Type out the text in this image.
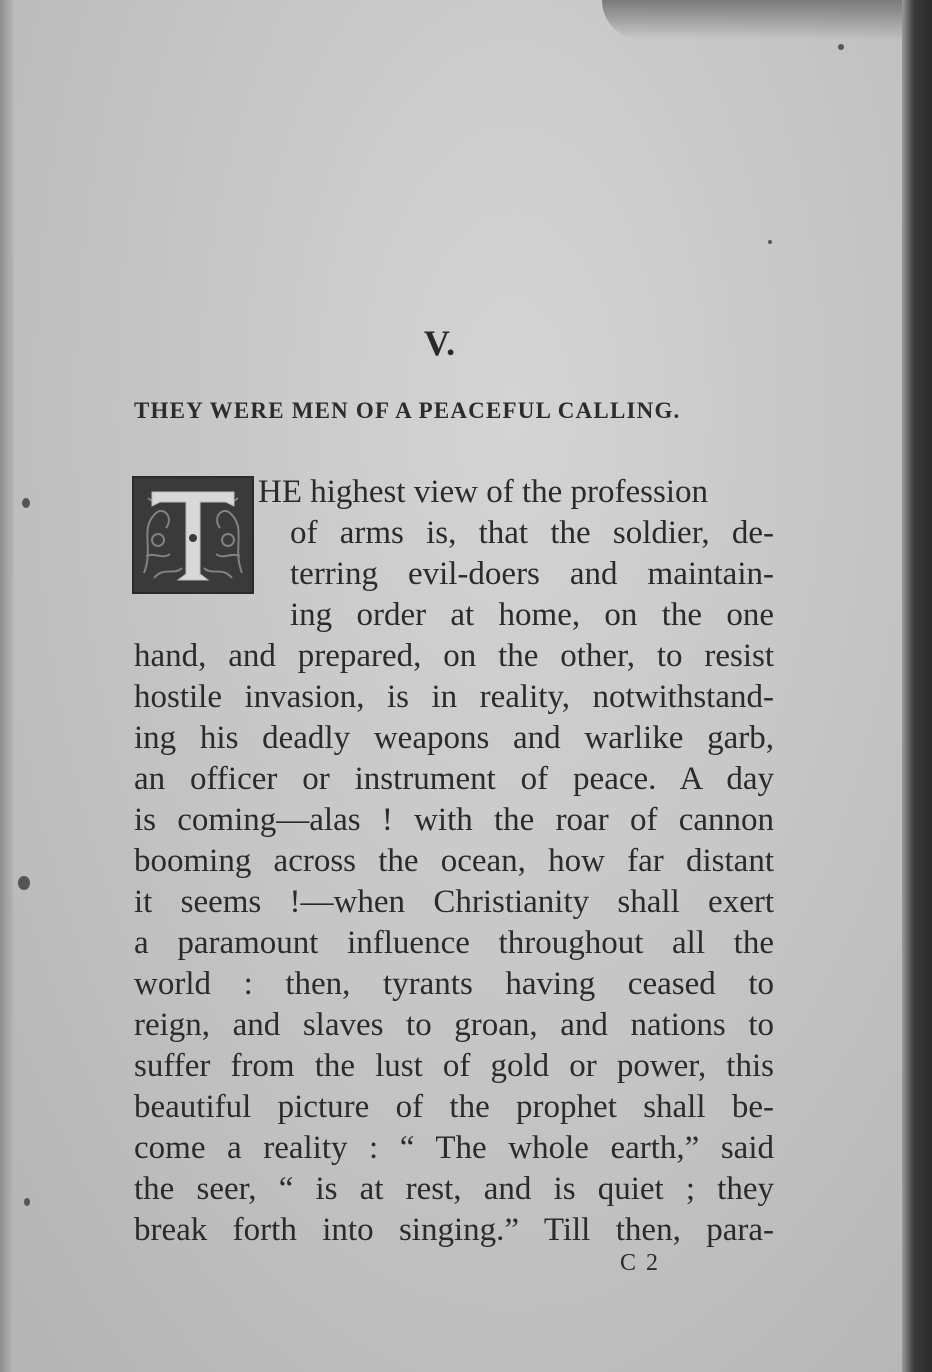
V.
THEY WERE MEN OF A PEACEFUL CALLING.
HE highest view of the profession
of arms is, that the soldier, de-
terring evil-doers and maintain-
ing order at home, on the one
hand, and prepared, on the other, to resist
hostile invasion, is in reality, notwithstand-
ing his deadly weapons and warlike garb,
an officer or instrument of peace. A day
is coming—alas ! with the roar of cannon
booming across the ocean, how far distant
it seems !—when Christianity shall exert
a paramount influence throughout all the
world : then, tyrants having ceased to
reign, and slaves to groan, and nations to
suffer from the lust of gold or power, this
beautiful picture of the prophet shall be-
come a reality : “ The whole earth,” said
the seer, “ is at rest, and is quiet ; they
break forth into singing.” Till then, para-
C 2
